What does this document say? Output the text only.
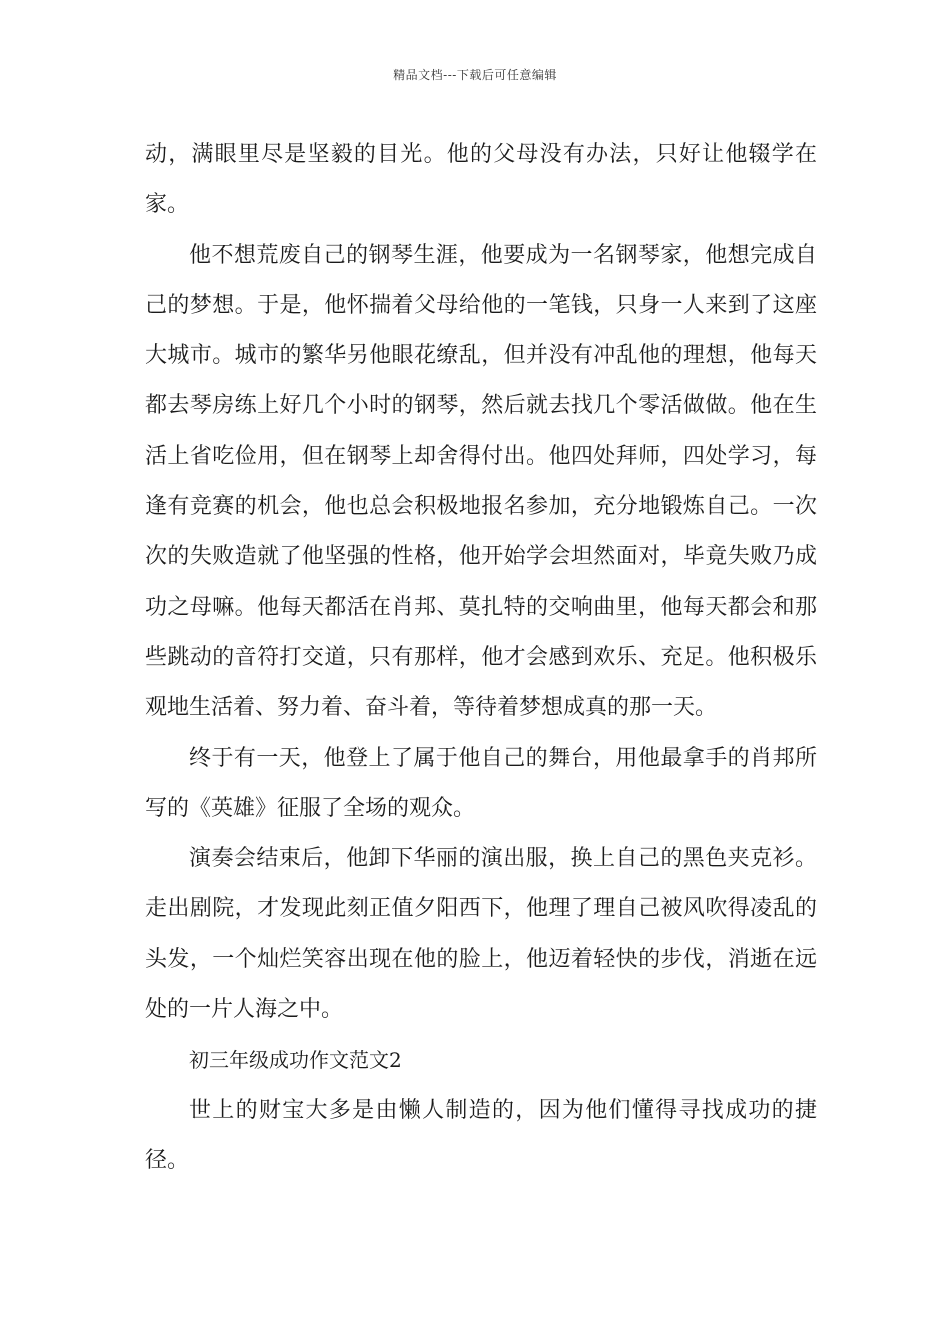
精品文档---下载后可任意编辑

动，满眼里尽是坚毅的目光。他的父母没有办法，只好让他辍学在家。

他不想荒废自己的钢琴生涯，他要成为一名钢琴家，他想完成自己的梦想。于是，他怀揣着父母给他的一笔钱，只身一人来到了这座大城市。城市的繁华另他眼花缭乱，但并没有冲乱他的理想，他每天都去琴房练上好几个小时的钢琴，然后就去找几个零活做做。他在生活上省吃俭用，但在钢琴上却舍得付出。他四处拜师，四处学习，每逢有竞赛的机会，他也总会积极地报名参加，充分地锻炼自己。一次次的失败造就了他坚强的性格，他开始学会坦然面对，毕竟失败乃成功之母嘛。他每天都活在肖邦、莫扎特的交响曲里，他每天都会和那些跳动的音符打交道，只有那样，他才会感到欢乐、充足。他积极乐观地生活着、努力着、奋斗着，等待着梦想成真的那一天。

终于有一天，他登上了属于他自己的舞台，用他最拿手的肖邦所写的《英雄》征服了全场的观众。

演奏会结束后，他卸下华丽的演出服，换上自己的黑色夹克衫。走出剧院，才发现此刻正值夕阳西下，他理了理自己被风吹得凌乱的头发，一个灿烂笑容出现在他的脸上，他迈着轻快的步伐，消逝在远处的一片人海之中。

初三年级成功作文范文2

世上的财宝大多是由懒人制造的，因为他们懂得寻找成功的捷径。
